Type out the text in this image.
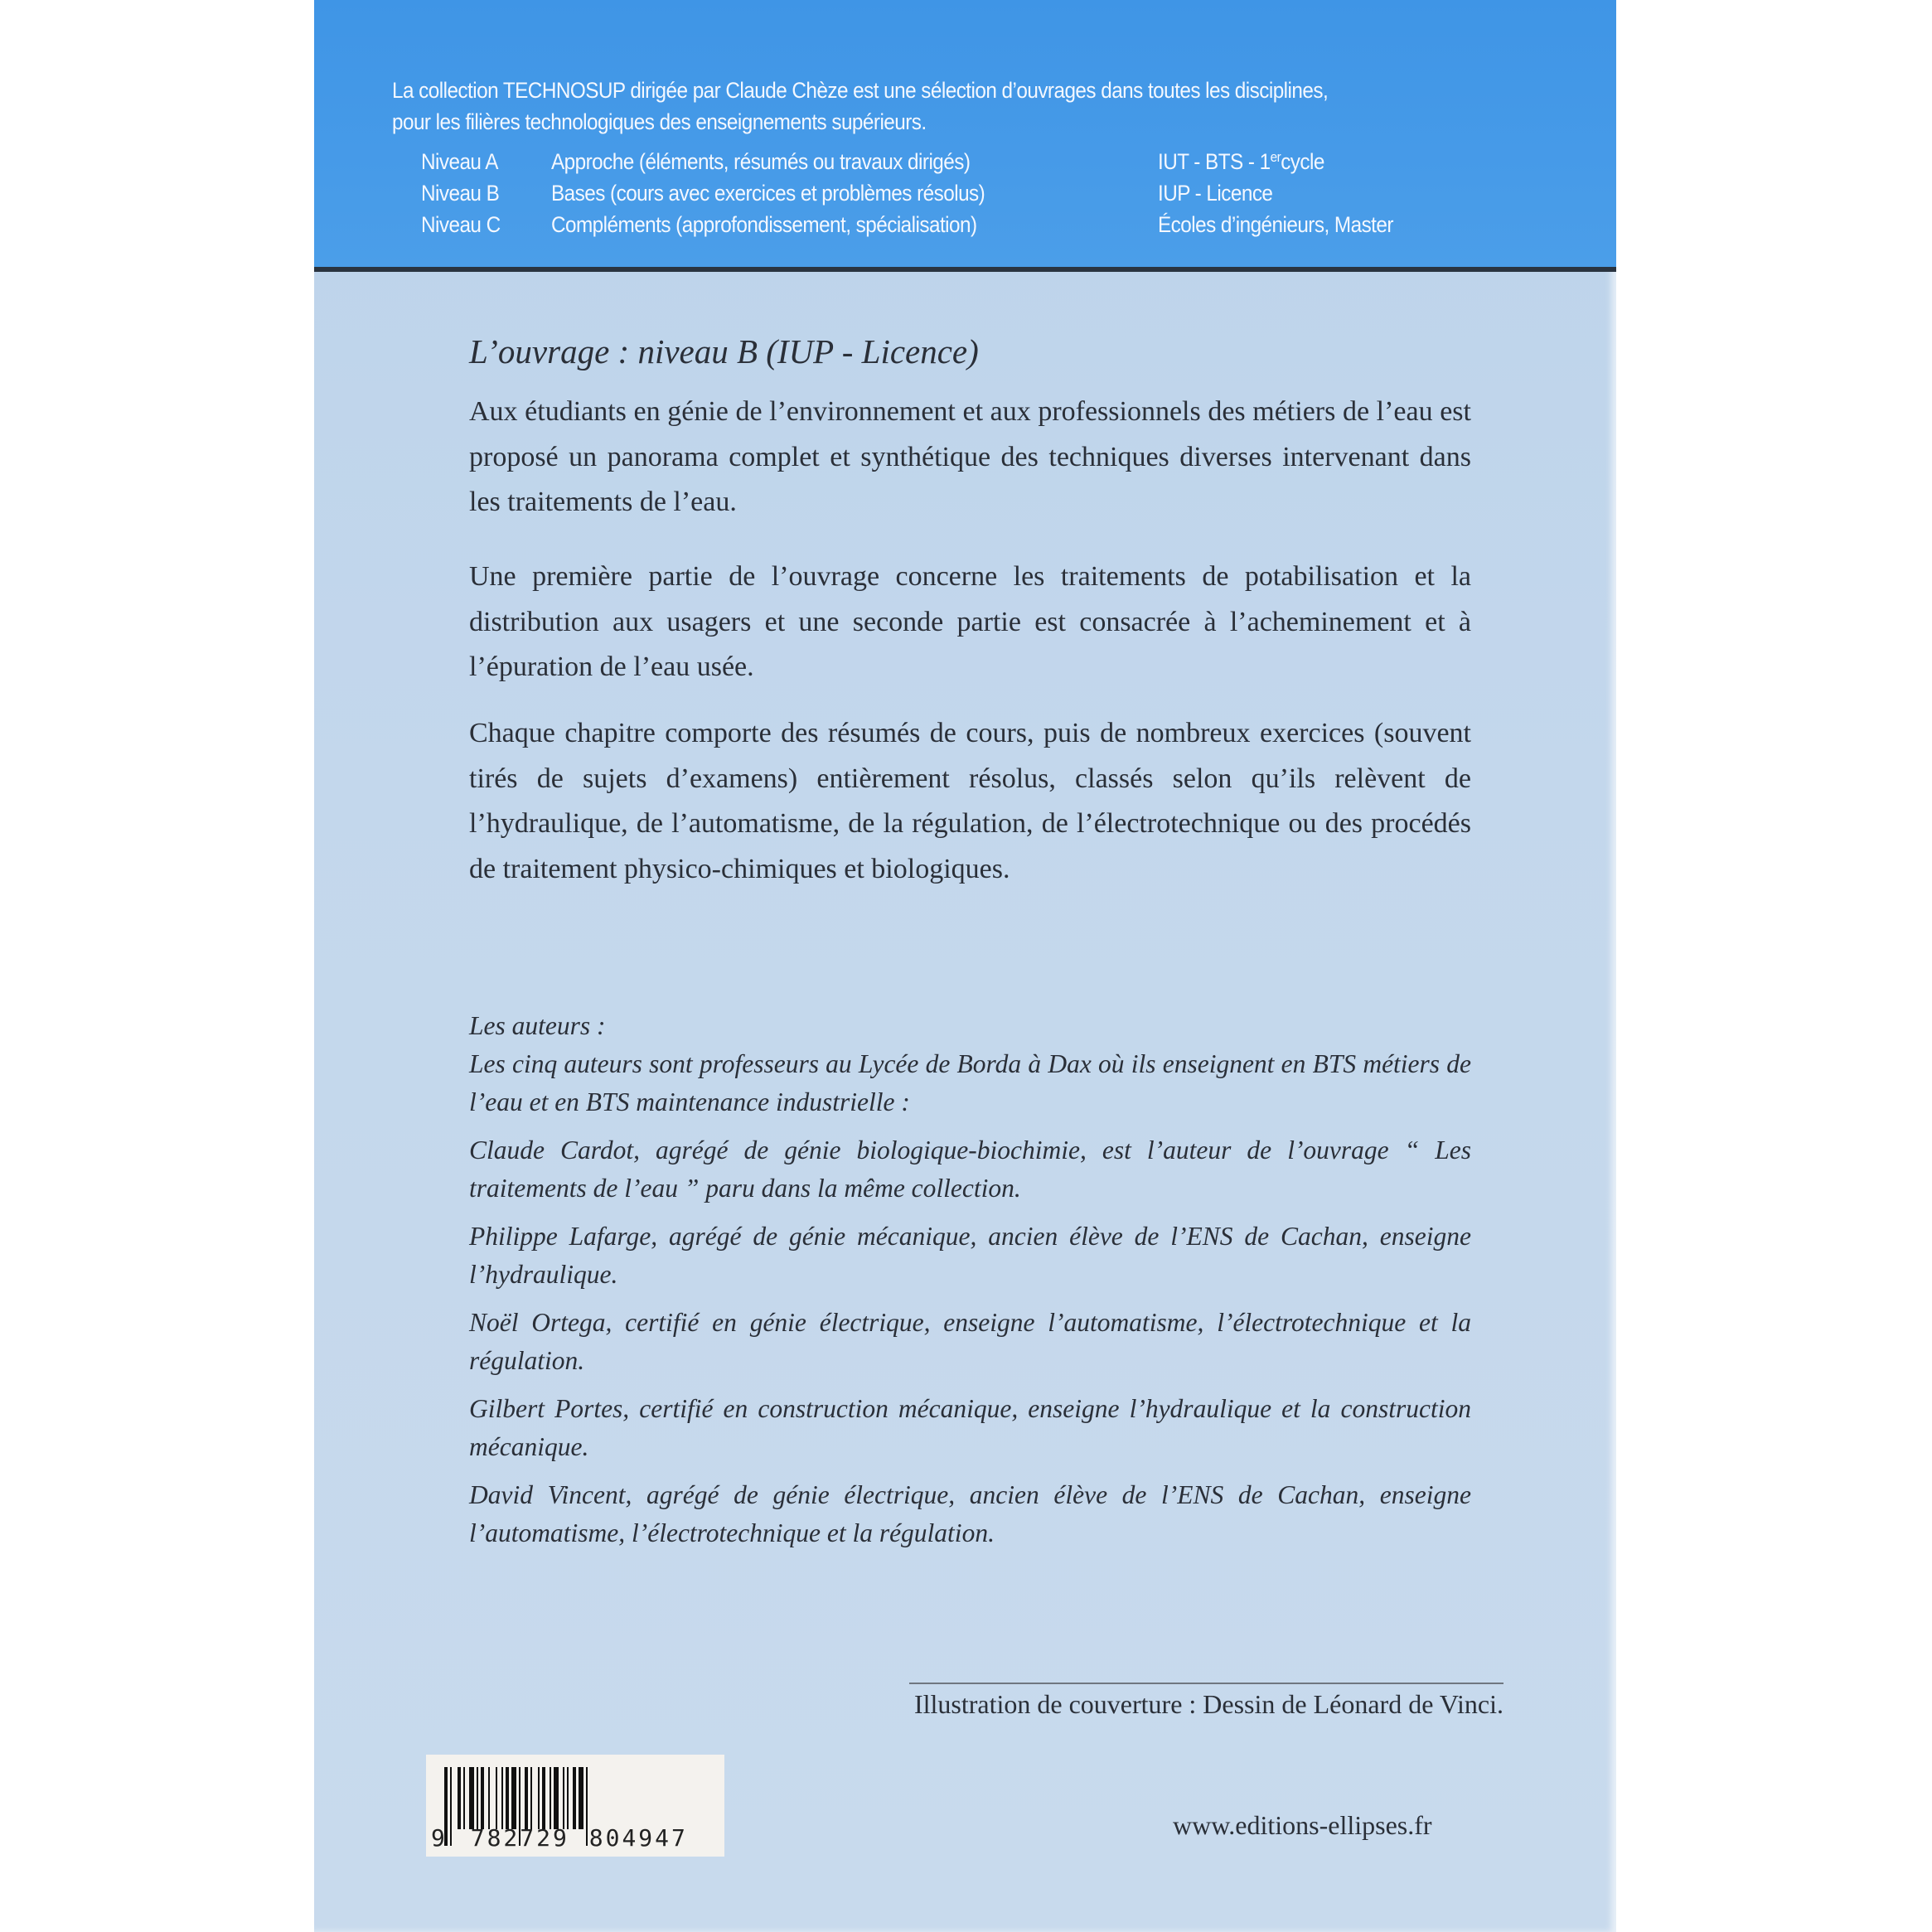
La collection TECHNOSUP dirigée par Claude Chèze est une sélection d’ouvrages dans toutes les disciplines,
pour les filières technologiques des enseignements supérieurs.
Niveau A Approche (éléments, résumés ou travaux dirigés)	IUT - BTS - 1ercycle
Niveau B Bases (cours avec exercices et problèmes résolus)	IUP - Licence
Niveau C Compléments (approfondissement, spécialisation)	Écoles d’ingénieurs, Master
L’ouvrage : niveau B (IUP - Licence)

Aux étudiants en génie de l’environnement et aux professionnels des métiers de l’eau est proposé un panorama complet et synthétique des techniques diverses intervenant dans les traitements de l’eau.

Une première partie de l’ouvrage concerne les traitements de potabilisation et la distribution aux usagers et une seconde partie est consacrée à l’acheminement et à l’épuration de l’eau usée.

Chaque chapitre comporte des résumés de cours, puis de nombreux exercices (souvent tirés de sujets d’examens) entièrement résolus, classés selon qu’ils relèvent de l’hydraulique, de l’automatisme, de la régulation, de l’électrotechnique ou des procédés de traitement physico-chimiques et biologiques.

Les auteurs :

Les cinq auteurs sont professeurs au Lycée de Borda à Dax où ils enseignent en BTS métiers de l’eau et en BTS maintenance industrielle :

Claude Cardot, agrégé de génie biologique-biochimie, est l’auteur de l’ouvrage “ Les traitements de l’eau ” paru dans la même collection.

Philippe Lafarge, agrégé de génie mécanique, ancien élève de l’ENS de Cachan, enseigne l’hydraulique.

Noël Ortega, certifié en génie électrique, enseigne l’automatisme, l’électrotechnique et la régulation.

Gilbert Portes, certifié en construction mécanique, enseigne l’hydraulique et la construction mécanique.

David Vincent, agrégé de génie électrique, ancien élève de l’ENS de Cachan, enseigne l’automatisme, l’électrotechnique et la régulation.

Illustration de couverture : Dessin de Léonard de Vinci.
9 782729 804947	www.editions-ellipses.fr
